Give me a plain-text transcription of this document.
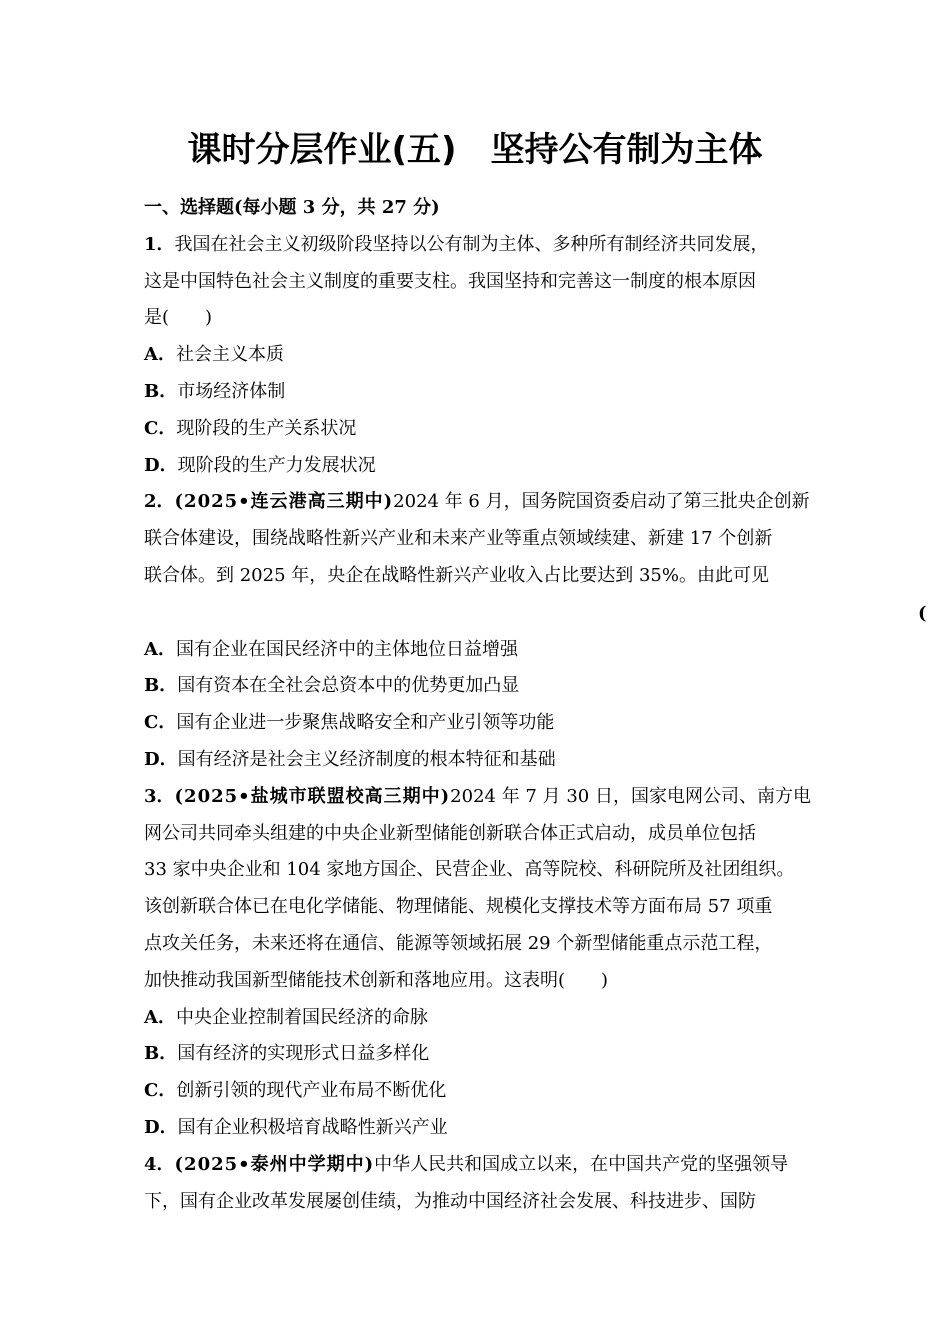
课时分层作业(五)　坚持公有制为主体
一、选择题(每小题 3 分，共 27 分)
1．我国在社会主义初级阶段坚持以公有制为主体、多种所有制经济共同发展，
这是中国特色社会主义制度的重要支柱。我国坚持和完善这一制度的根本原因
是(　　)
A．社会主义本质
B．市场经济体制
C．现阶段的生产关系状况
D．现阶段的生产力发展状况
2．(2025•连云港高三期中)2024 年 6 月，国务院国资委启动了第三批央企创新
联合体建设，围绕战略性新兴产业和未来产业等重点领域续建、新建 17 个创新
联合体。到 2025 年，央企在战略性新兴产业收入占比要达到 35%。由此可见
A．国有企业在国民经济中的主体地位日益增强
B．国有资本在全社会总资本中的优势更加凸显
C．国有企业进一步聚焦战略安全和产业引领等功能
D．国有经济是社会主义经济制度的根本特征和基础
3．(2025•盐城市联盟校高三期中)2024 年 7 月 30 日，国家电网公司、南方电
网公司共同牵头组建的中央企业新型储能创新联合体正式启动，成员单位包括
33 家中央企业和 104 家地方国企、民营企业、高等院校、科研院所及社团组织。
该创新联合体已在电化学储能、物理储能、规模化支撑技术等方面布局 57 项重
点攻关任务，未来还将在通信、能源等领域拓展 29 个新型储能重点示范工程，
加快推动我国新型储能技术创新和落地应用。这表明(　　)
A．中央企业控制着国民经济的命脉
B．国有经济的实现形式日益多样化
C．创新引领的现代产业布局不断优化
D．国有企业积极培育战略性新兴产业
4．(2025•泰州中学期中)中华人民共和国成立以来，在中国共产党的坚强领导
下，国有企业改革发展屡创佳绩，为推动中国经济社会发展、科技进步、国防
(
